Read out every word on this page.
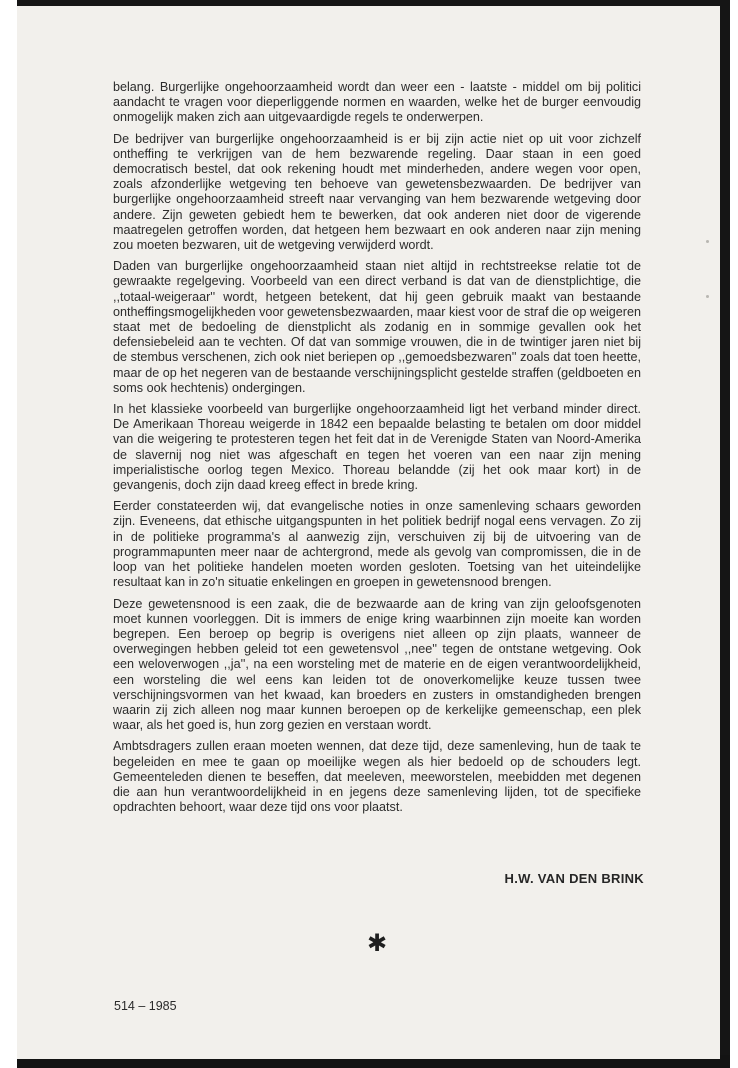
belang. Burgerlijke ongehoorzaamheid wordt dan weer een - laatste - middel om bij politici aandacht te vragen voor dieperliggende normen en waarden, welke het de burger eenvoudig onmogelijk maken zich aan uitgevaardigde regels te onderwerpen.

De bedrijver van burgerlijke ongehoorzaamheid is er bij zijn actie niet op uit voor zichzelf ontheffing te verkrijgen van de hem bezwarende regeling. Daar staan in een goed democratisch bestel, dat ook rekening houdt met minderheden, andere wegen voor open, zoals afzonderlijke wetgeving ten behoeve van gewetensbezwaarden. De bedrijver van burgerlijke ongehoorzaamheid streeft naar vervanging van hem bezwarende wetgeving door andere. Zijn geweten gebiedt hem te bewerken, dat ook anderen niet door de vigerende maatregelen getroffen worden, dat hetgeen hem bezwaart en ook anderen naar zijn mening zou moeten bezwaren, uit de wetgeving verwijderd wordt.

Daden van burgerlijke ongehoorzaamheid staan niet altijd in rechtstreekse relatie tot de gewraakte regelgeving. Voorbeeld van een direct verband is dat van de dienstplichtige, die ,,totaal-weigeraar'' wordt, hetgeen betekent, dat hij geen gebruik maakt van bestaande ontheffingsmogelijkheden voor gewetensbezwaarden, maar kiest voor de straf die op weigeren staat met de bedoeling de dienstplicht als zodanig en in sommige gevallen ook het defensiebeleid aan te vechten. Of dat van sommige vrouwen, die in de twintiger jaren niet bij de stembus verschenen, zich ook niet beriepen op ,,gemoedsbezwaren'' zoals dat toen heette, maar de op het negeren van de bestaande verschijningsplicht gestelde straffen (geldboeten en soms ook hechtenis) ondergingen.

In het klassieke voorbeeld van burgerlijke ongehoorzaamheid ligt het verband minder direct. De Amerikaan Thoreau weigerde in 1842 een bepaalde belasting te betalen om door middel van die weigering te protesteren tegen het feit dat in de Verenigde Staten van Noord-Amerika de slavernij nog niet was afgeschaft en tegen het voeren van een naar zijn mening imperialistische oorlog tegen Mexico. Thoreau belandde (zij het ook maar kort) in de gevangenis, doch zijn daad kreeg effect in brede kring.

Eerder constateerden wij, dat evangelische noties in onze samenleving schaars geworden zijn. Eveneens, dat ethische uitgangspunten in het politiek bedrijf nogal eens vervagen. Zo zij in de politieke programma's al aanwezig zijn, verschuiven zij bij de uitvoering van de programmapunten meer naar de achtergrond, mede als gevolg van compromissen, die in de loop van het politieke handelen moeten worden gesloten. Toetsing van het uiteindelijke resultaat kan in zo'n situatie enkelingen en groepen in gewetensnood brengen.

Deze gewetensnood is een zaak, die de bezwaarde aan de kring van zijn geloofsgenoten moet kunnen voorleggen. Dit is immers de enige kring waarbinnen zijn moeite kan worden begrepen. Een beroep op begrip is overigens niet alleen op zijn plaats, wanneer de overwegingen hebben geleid tot een gewetensvol ,,nee'' tegen de ontstane wetgeving. Ook een weloverwogen ,,ja'', na een worsteling met de materie en de eigen verantwoordelijkheid, een worsteling die wel eens kan leiden tot de onoverkomelijke keuze tussen twee verschijningsvormen van het kwaad, kan broeders en zusters in omstandigheden brengen waarin zij zich alleen nog maar kunnen beroepen op de kerkelijke gemeenschap, een plek waar, als het goed is, hun zorg gezien en verstaan wordt.

Ambtsdragers zullen eraan moeten wennen, dat deze tijd, deze samenleving, hun de taak te begeleiden en mee te gaan op moeilijke wegen als hier bedoeld op de schouders legt. Gemeenteleden dienen te beseffen, dat meeleven, meeworstelen, meebidden met degenen die aan hun verantwoordelijkheid in en jegens deze samenleving lijden, tot de specifieke opdrachten behoort, waar deze tijd ons voor plaatst.

H.W. VAN DEN BRINK
✱
514 – 1985
